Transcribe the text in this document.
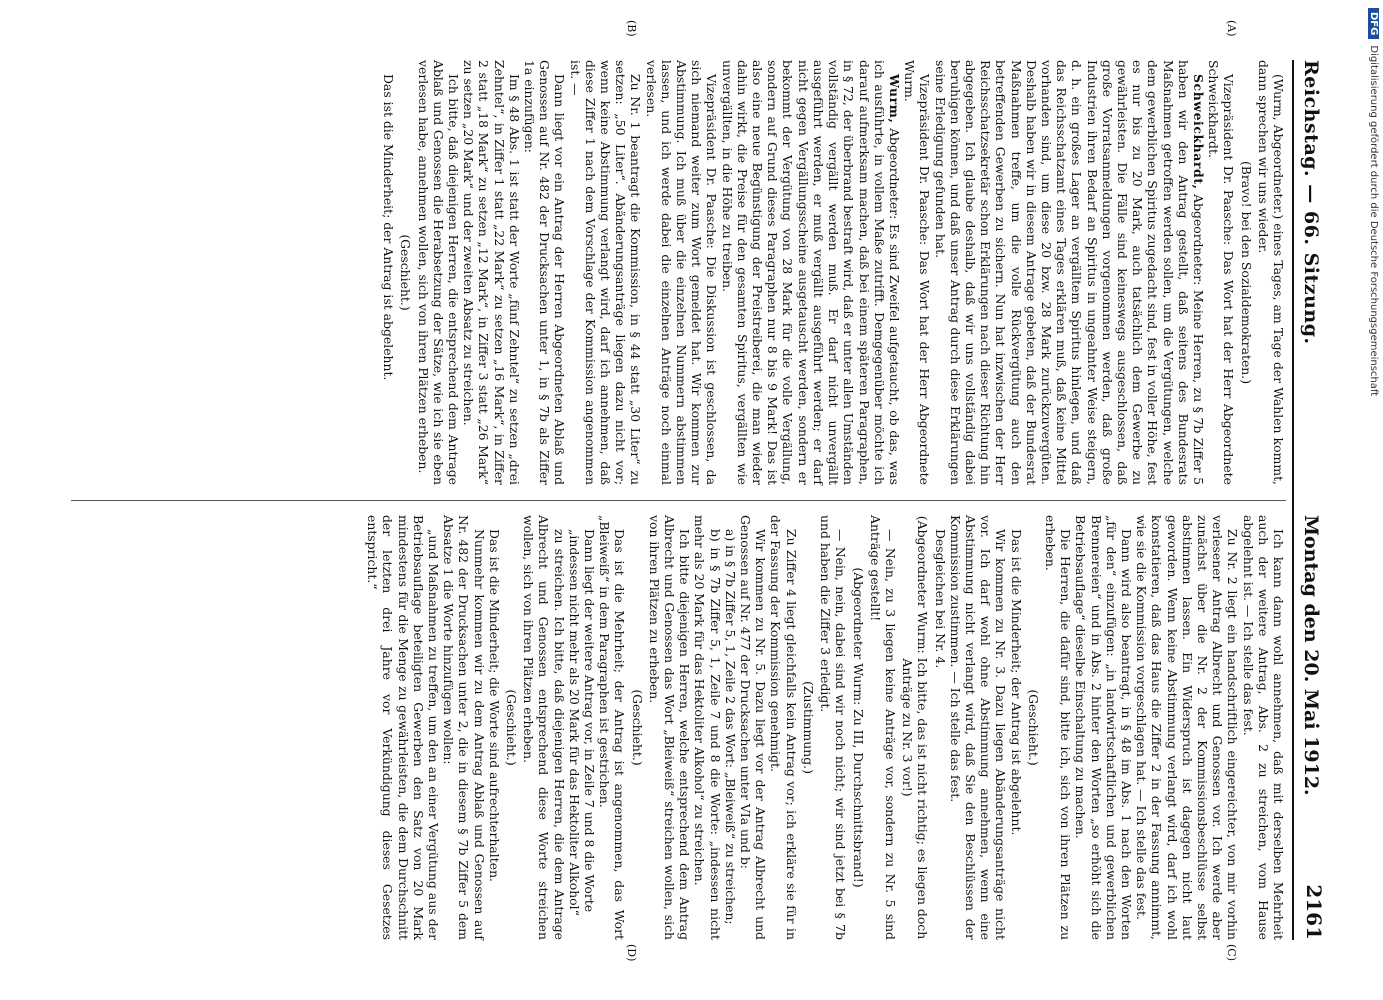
Reichstag. — 66. Sitzung.
Montag den 20. Mai 1912.
2161

(Wurm, Abgeordneter.) eines Tages, am Tage der Wahlen kommt, dann sprechen wir uns wieder.

(Bravo! bei den Sozialdemokraten.)

Vizepräsident Dr. Paasche: Das Wort hat der Herr Abgeordnete Schweickhardt.

Schweickhardt, Abgeordneter: Meine Herren, zu § 7b Ziffer 5 haben wir den Antrag gestellt, daß seitens des Bundesrats Maßnahmen getroffen werden sollen, um die Vergütungen, welche dem gewerblichen Spiritus zugedacht sind, fest in voller Höhe, fest es nur bis zu 20 Mark, auch tatsächlich dem Gewerbe zu gewährleisten. Die Fälle sind keineswegs ausgeschlossen, daß große Vorratsanmeldungen vorgenommen werden, daß große Industrien ihren Bedarf an Spiritus in ungeahnter Weise steigern, d. h. ein großes Lager an vergälltem Spiritus hinlegen, und daß das Reichsschatzamt eines Tages erklären muß, daß keine Mittel vorhanden sind, um diese 20 bzw. 28 Mark zurückzuvergüten. Deshalb haben wir in diesem Antrage gebeten, daß der Bundesrat Maßnahmen treffe, um die volle Rückvergütung auch den betreffenden Gewerben zu sichern. Nun hat inzwischen der Herr Reichsschatzsekretär schon Erklärungen nach dieser Richtung hin abgegeben. Ich glaube deshalb, daß wir uns vollständig dabei beruhigen können, und daß unser Antrag durch diese Erklärungen seine Erledigung gefunden hat.

Vizepräsident Dr. Paasche: Das Wort hat der Herr Abgeordnete Wurm.

Wurm, Abgeordneter: Es sind Zweifel aufgetaucht, ob das, was ich ausführte, in vollem Maße zutrifft. Demgegenüber möchte ich darauf aufmerksam machen, daß bei einem späteren Paragraphen, in § 72, der überbrand bestraft wird, daß er unter allen Umständen vollständig vergällt werden muß. Er darf nicht unvergällt ausgeführt werden, er muß vergällt ausgeführt werden; er darf nicht gegen Vergällungsscheine ausgetauscht werden, sondern er bekommt der Vergütung von 28 Mark für die volle Vergällung, sondern auf Grund dieses Paragraphen nur 8 bis 9 Mark! Das ist also eine neue Begünstigung der Preistreiberei, die man wieder dahin wirkt, die Preise für den gesamten Spiritus, vergällten wie unvergällten, in die Höhe zu treiben.

Vizepräsident Dr. Paasche: Die Diskussion ist geschlossen, da sich niemand weiter zum Wort gemeldet hat. Wir kommen zur Abstimmung. Ich muß über die einzelnen Nummern abstimmen lassen, und ich werde dabei die einzelnen Anträge noch einmal verlesen.

Zu Nr. 1 beantragt die Kommission, in § 44 statt „30 Liter“ zu setzen: „50 Liter“. Abänderungsanträge liegen dazu nicht vor; wenn keine Abstimmung verlangt wird, darf ich annehmen, daß diese Ziffer 1 nach dem Vorschlage der Kommission angenommen ist. —

Dann liegt vor ein Antrag der Herren Abgeordneten Ablaß und Genossen auf Nr. 482 der Drucksachen unter 1, in § 7b als Ziffer 1a einzufügen:

Im § 48 Abs. 1 ist statt der Worte „fünf Zehntel“ zu setzen „drei Zehntel“, in Ziffer 1 statt „22 Mark“ zu setzen „16 Mark“, in Ziffer 2 statt „18 Mark“ zu setzen „12 Mark“, in Ziffer 3 statt „26 Mark“ zu setzen „20 Mark“ und der zweiten Absatz zu streichen.

Ich bitte, daß diejenigen Herren, die entsprechend dem Antrage Ablaß und Genossen die Herabsetzung der Sätze, wie ich sie eben verlesen habe, annehmen wollen, sich von ihren Plätzen erheben.

(Geschieht.)

Das ist die Minderheit; der Antrag ist abgelehnt.

Ich kann dann wohl annehmen, daß mit derselben Mehrheit auch der weitere Antrag, Abs. 2 zu streichen, vom Hause abgelehnt ist. — Ich stelle das fest.

Zu Nr. 2 liegt ein handschriftlich eingereichter, von mir vorhin verlesener Antrag Albrecht und Genossen vor. Ich werde aber zunächst über die Nr. 2 der Kommissionsbeschlüsse selbst abstimmen lassen. Ein Widerspruch ist dagegen nicht laut geworden. Wenn keine Abstimmung verlangt wird, darf ich wohl konstatieren, daß das Haus die Ziffer 2 in der Fassung annimmt, wie sie die Kommission vorgeschlagen hat. — Ich stelle das fest.

Dann wird also beantragt, in § 48 im Abs. 1 nach den Worten „für den“ einzufügen: „in landwirtschaftlichen und gewerblichen Brennereien“ und in Abs. 2 hinter den Worten „so erhöht sich die Betriebsauflage“ dieselbe Einschaltung zu machen.

Die Herren, die dafür sind, bitte ich, sich von ihren Plätzen zu erheben.

(Geschieht.)

Das ist die Minderheit; der Antrag ist abgelehnt.

Wir kommen zu Nr. 3. Dazu liegen Abänderungsanträge nicht vor. Ich darf wohl ohne Abstimmung annehmen, wenn eine Abstimmung nicht verlangt wird, daß Sie den Beschlüssen der Kommission zustimmen. — Ich stelle das fest.

Desgleichen bei Nr. 4.

(Abgeordneter Wurm: Ich bitte, das ist nicht richtig; es liegen doch Anträge zu Nr. 3 vor!)

— Nein, zu 3 liegen keine Anträge vor, sondern zu Nr. 5 sind Anträge gestellt!

(Abgeordneter Wurm: Zu III, Durchschnittsbrand!)

— Nein, nein, dabei sind wir noch nicht; wir sind jetzt bei § 7b und haben die Ziffer 3 erledigt.

(Zustimmung.)

Zu Ziffer 4 liegt gleichfalls kein Antrag vor; ich erkläre sie für in der Fassung der Kommission genehmigt.

Wir kommen zu Nr. 5. Dazu liegt vor der Antrag Albrecht und Genossen auf Nr. 477 der Drucksachen unter VIa und b:

a) in § 7b Ziffer 5, 1, Zeile 2 das Wort: „Bleiweiß“ zu streichen;

b) in § 7b Ziffer 5, 1, Zeile 7 und 8 die Worte: „indessen nicht mehr als 20 Mark für das Hektoliter Alkohol“ zu streichen.

Ich bitte diejenigen Herren, welche entsprechend dem Antrag Albrecht und Genossen das Wort „Bleiweiß“ streichen wollen, sich von ihren Plätzen zu erheben.

(Geschieht.)

Das ist die Mehrheit; der Antrag ist angenommen, das Wort „Bleiweiß“ in dem Paragraphen ist gestrichen.

Dann liegt der weitere Antrag vor, in Zeile 7 und 8 die Worte

„indessen nicht mehr als 20 Mark für das Hektoliter Alkohol“

zu streichen. Ich bitte, daß diejenigen Herren, die dem Antrage Albrecht und Genossen entsprechend diese Worte streichen wollen, sich von ihren Plätzen erheben.

(Geschieht.)

Das ist die Minderheit; die Worte sind aufrechterhalten.

Nunmehr kommen wir zu dem Antrag Ablaß und Genossen auf Nr. 482 der Drucksachen unter 2, die in diesem § 7b Ziffer 5 dem Absatze 1 die Worte hinzufügen wollen:

„und Maßnahmen zu treffen, um den an einer Vergütung aus der Betriebsauflage beteiligten Gewerben den Satz von 20 Mark mindestens für die Menge zu gewährleisten, die dem Durchschnitt der letzten drei Jahre vor Verkündigung dieses Gesetzes entspricht.“

(A)
(B)
(C)
(D)
DFGDigitalisierung gefördert durch die Deutsche Forschungsgemeinschaft
